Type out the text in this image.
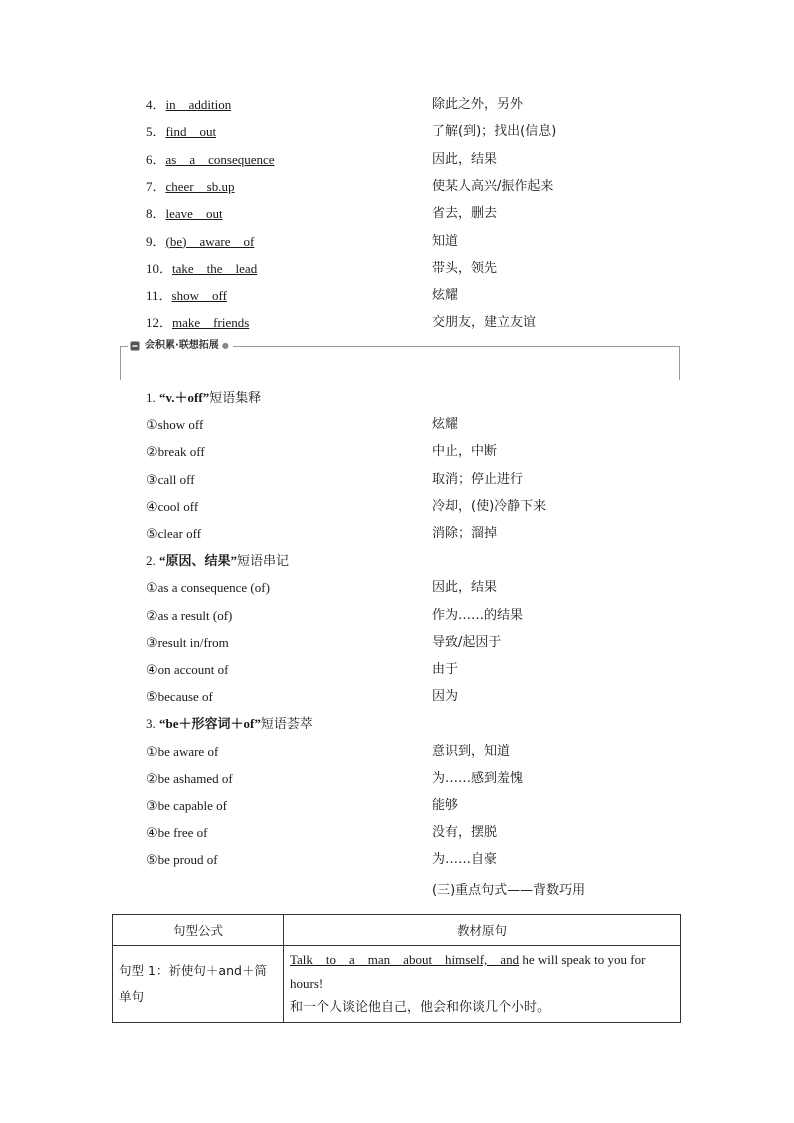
4．in    addition	除此之外，另外
5．find    out	了解(到)；找出(信息)
6．as    a    consequence	因此，结果
7．cheer    sb.up	使某人高兴/振作起来
8．leave    out	省去，删去
9．(be)    aware    of	知道
10．take    the    lead	带头，领先
11．show    off	炫耀
12．make    friends	交朋友，建立友谊
会积累·联想拓展 ●
1. “v.＋off”短语集释
①show off	炫耀
②break off	中止，中断
③call off	取消；停止进行
④cool off	冷却，(使)冷静下来
⑤clear off	消除；溜掉
2. “原因、结果”短语串记
①as a consequence (of)	因此，结果
②as a result (of)	作为……的结果
③result in/from	导致/起因于
④on account of	由于
⑤because of	因为
3. “be＋形容词＋of”短语荟萃
①be aware of	意识到，知道
②be ashamed of	为……感到羞愧
③be capable of	能够
④be free of	没有，摆脱
⑤be proud of	为……自豪
(三)重点句式——背数巧用
句型公式	教材原句
句型 1：祈使句＋and＋简单句	Talk    to    a    man    about    himself,    and he will speak to you for hours!
和一个人谈论他自己，他会和你谈几个小时。
